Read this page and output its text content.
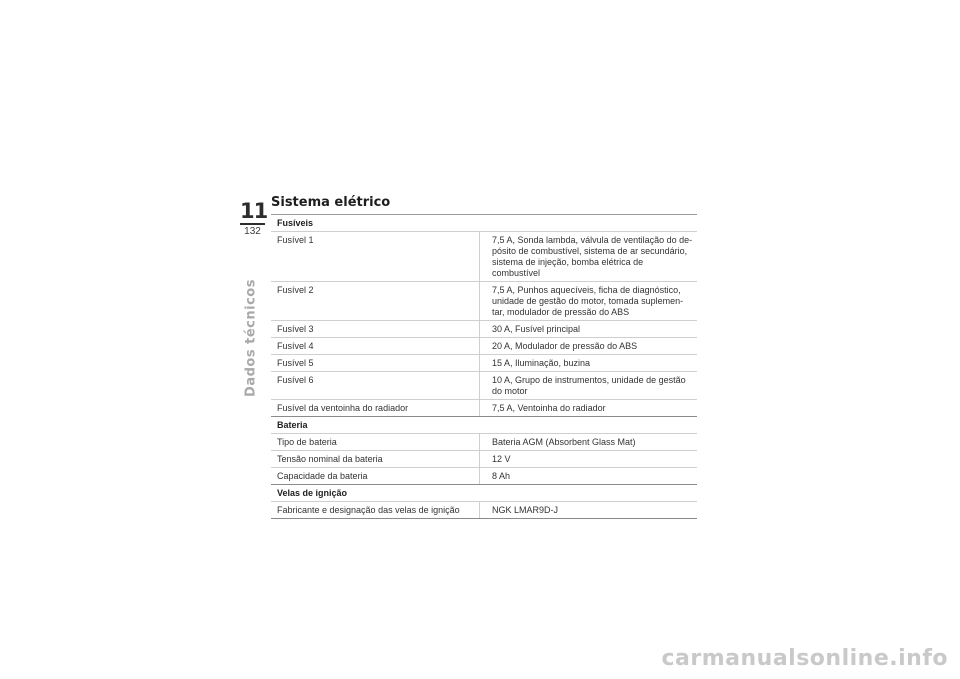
11
132
Dados técnicos
Sistema elétrico
Fusíveis
Fusível 1	7,5 A, Sonda lambda, válvula de ventilação do de-
pósito de combustível, sistema de ar secundário,
sistema de injeção, bomba elétrica de combustível
Fusível 2	7,5 A, Punhos aquecíveis, ficha de diagnóstico,
unidade de gestão do motor, tomada suplemen-
tar, modulador de pressão do ABS
Fusível 3	30 A, Fusível principal
Fusível 4	20 A, Modulador de pressão do ABS
Fusível 5	15 A, Iluminação, buzina
Fusível 6	10 A, Grupo de instrumentos, unidade de gestão
do motor
Fusível da ventoinha do radiador	7,5 A, Ventoinha do radiador
Bateria
Tipo de bateria	Bateria AGM (Absorbent Glass Mat)
Tensão nominal da bateria	12 V
Capacidade da bateria	8 Ah
Velas de ignição
Fabricante e designação das velas de ignição	NGK LMAR9D-J
carmanualsonline.info
